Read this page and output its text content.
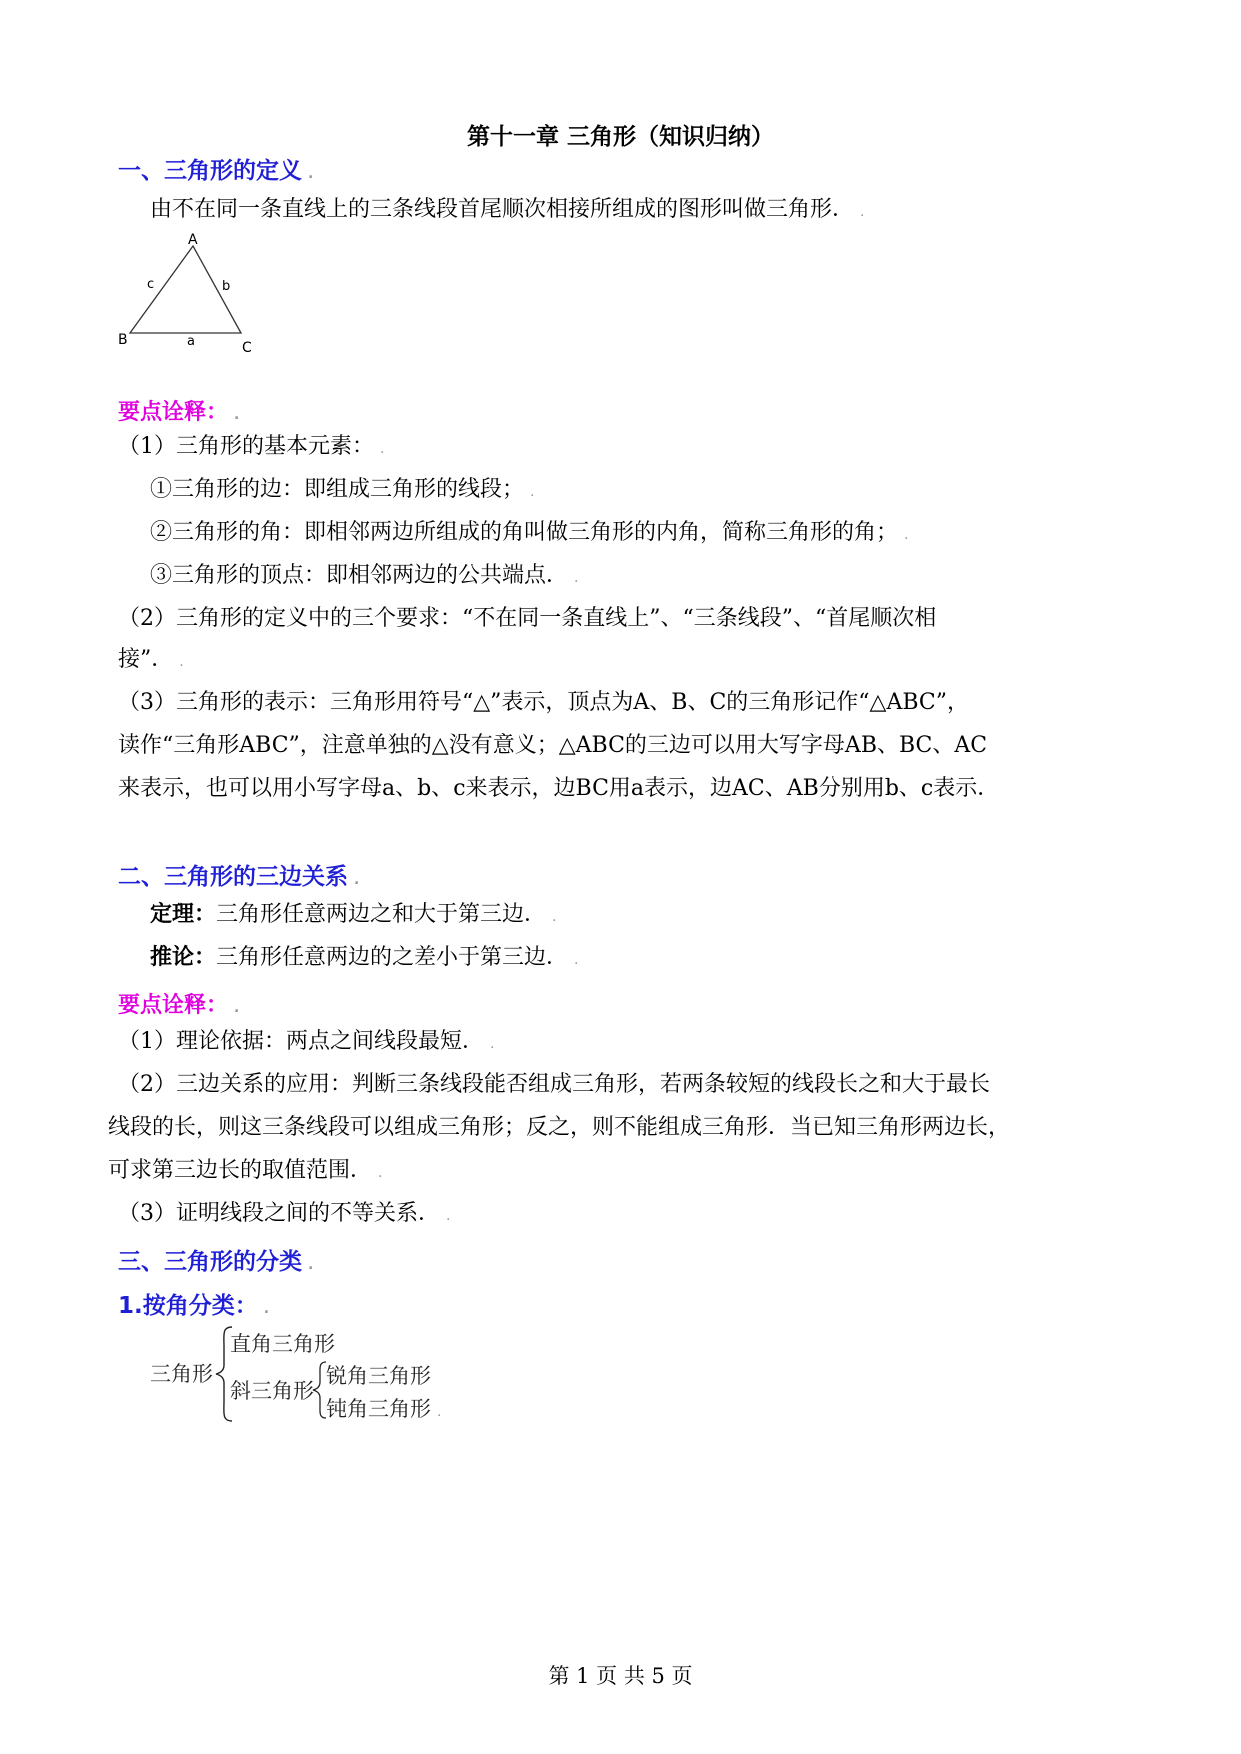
第十一章 三角形（知识归纳）
一、三角形的定义 .
由不在同一条直线上的三条线段首尾顺次相接所组成的图形叫做三角形． .
A
B	C
a
b
c
要点诠释： .
（1）三角形的基本元素： .
①三角形的边：即组成三角形的线段； .
②三角形的角：即相邻两边所组成的角叫做三角形的内角，简称三角形的角； .
③三角形的顶点：即相邻两边的公共端点． .
（2）三角形的定义中的三个要求：“不在同一条直线上”、“三条线段”、“首尾顺次相
接”． .
（3）三角形的表示：三角形用符号“△”表示，顶点为A、B、C的三角形记作“△ABC”，
读作“三角形ABC”，注意单独的△没有意义；△ABC的三边可以用大写字母AB、BC、AC
来表示，也可以用小写字母a、b、c来表示，边BC用a表示，边AC、AB分别用b、c表示．
二、三角形的三边关系 .
定理：三角形任意两边之和大于第三边． .
推论：三角形任意两边的之差小于第三边． .
要点诠释： .
（1）理论依据：两点之间线段最短． .
（2）三边关系的应用：判断三条线段能否组成三角形，若两条较短的线段长之和大于最长
线段的长，则这三条线段可以组成三角形；反之，则不能组成三角形．当已知三角形两边长，
可求第三边长的取值范围． .
（3）证明线段之间的不等关系． .
三、三角形的分类 .
1.按角分类： .
三角形
直角三角形
斜三角形
锐角三角形
钝角三角形 .
第 1 页 共 5 页
